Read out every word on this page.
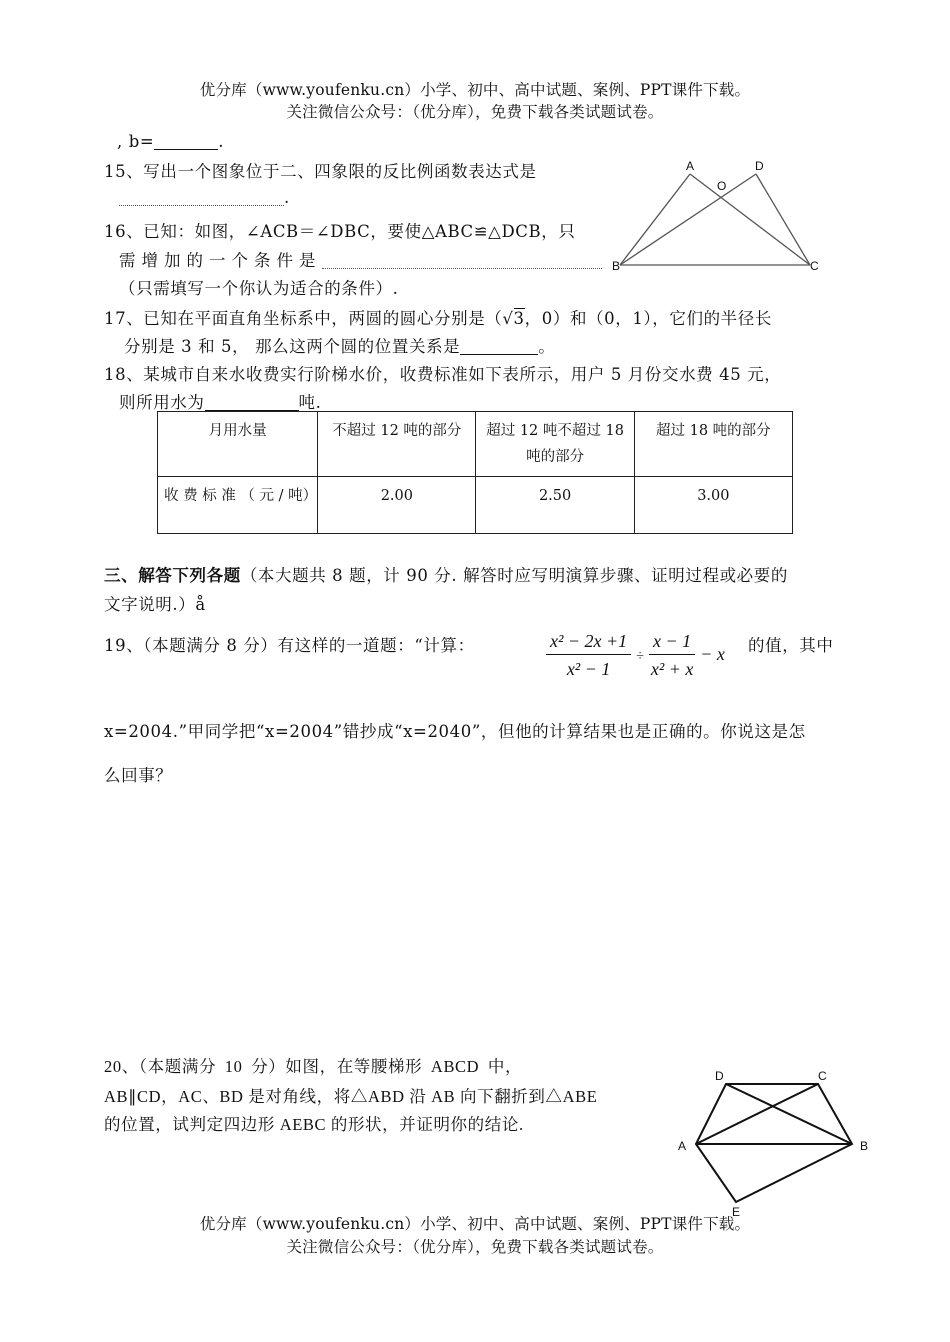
优分库（www.youfenku.cn）小学、初中、高中试题、案例、PPT课件下载。
关注微信公众号：（优分库），免费下载各类试题试卷。
, b=	.
15、写出一个图象位于二、四象限的反比例函数表达式是
.
16、已知：如图，∠ACB＝∠DBC，要使△ABC≌△DCB，只
需增加的一个条件是
（只需填写一个你认为适合的条件）.
A	D
O
B	C
17、已知在平面直角坐标系中，两圆的圆心分别是（√3，0）和（0，1），它们的半径长
分别是 3 和 5， 那么这两个圆的位置关系是	。
18、某城市自来水收费实行阶梯水价，收费标准如下表所示，用户 5 月份交水费 45 元，
则所用水为	吨.
月用水量	不超过 12 吨的部分	超过 12 吨不超过 18 吨的部分	超过 18 吨的部分
收 费 标 准 （ 元 / 吨）	2.00	2.50	3.00
三、解答下列各题（本大题共 8 题，计 90 分. 解答时应写明演算步骤、证明过程或必要的
文字说明.）å
19、（本题满分 8 分）有这样的一道题：“计算：	$\frac{\text{x² − 2x +1}}{\text{x² − 1}} \div \frac{x - 1}{\text{x² + x}} - x$ 的值，其中
x=2004.”甲同学把“x=2004”错抄成“x=2040”，但他的计算结果也是正确的。你说这是怎
么回事？
20、（本题满分 10 分）如图，在等腰梯形 ABCD 中，
AB∥CD，AC、BD 是对角线，将△ABD 沿 AB 向下翻折到△ABE
的位置，试判定四边形 AEBC 的形状，并证明你的结论.
D	C
A	B
E
优分库（www.youfenku.cn）小学、初中、高中试题、案例、PPT课件下载。
关注微信公众号：（优分库），免费下载各类试题试卷。
